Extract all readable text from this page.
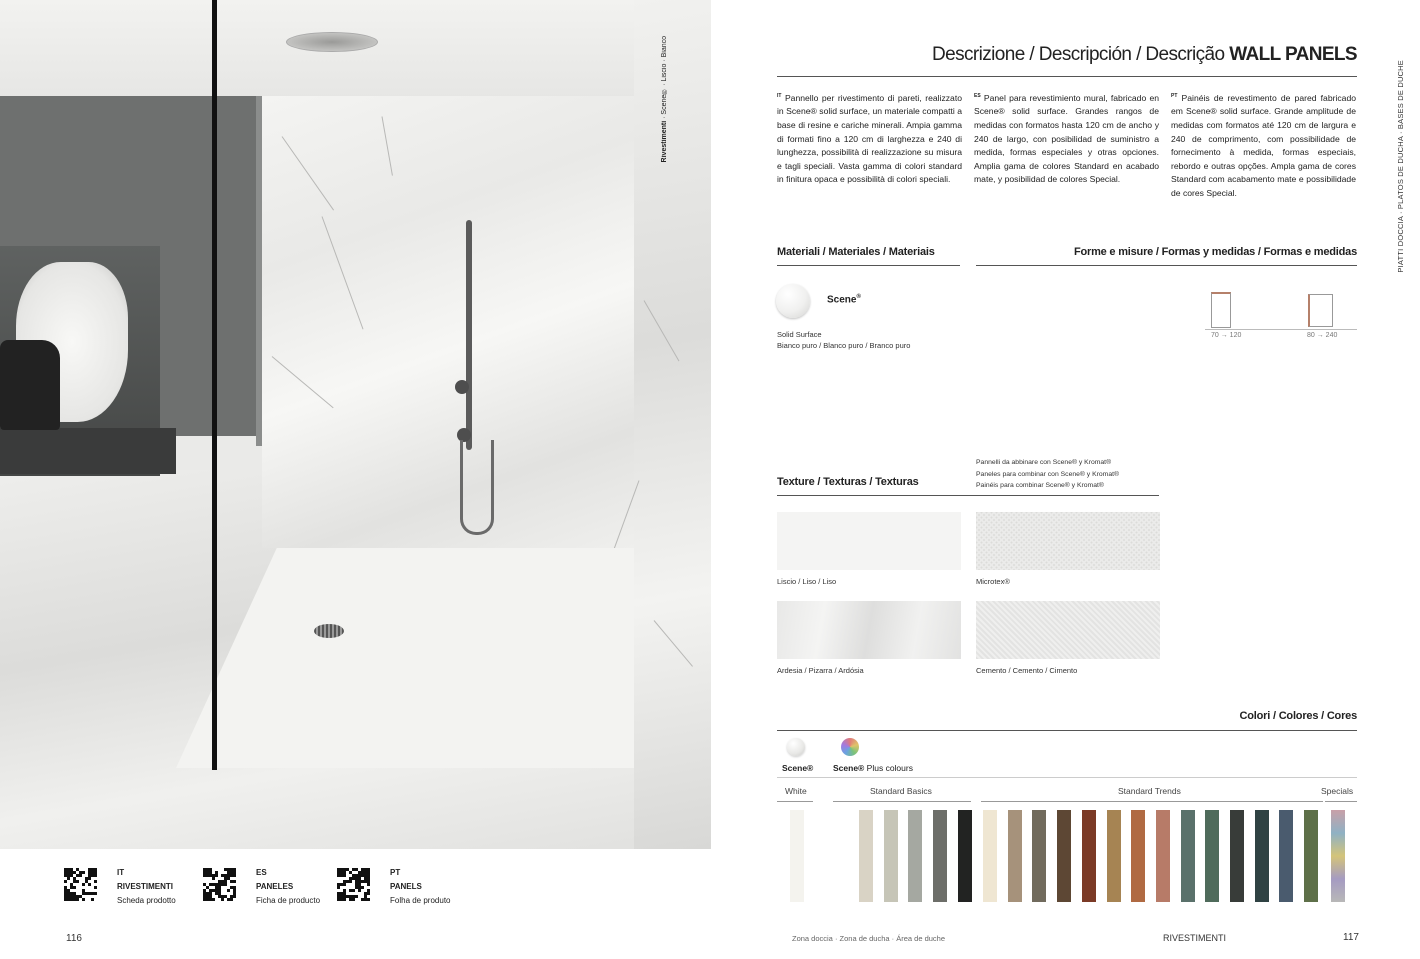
Rivestimenti · Scene® · Liscio · Bianco
IT
RIVESTIMENTI
Scheda prodotto
ES
PANELES
Ficha de producto
PT
PANELS
Folha de produto
116
Descrizione / Descripción / Descrição WALL PANELS
PIATTI DOCCIA · PLATOS DE DUCHA · BASES DE DUCHE
$^{IT}$ Pannello per rivestimento di pareti, realizzato in Scene® solid surface, un materiale compatti a base di resine e cariche minerali. Ampia gamma di formati fino a 120 cm di larghezza e 240 di lunghezza, possibilità di realizzazione su misura e tagli speciali. Vasta gamma di colori standard in finitura opaca e possibilità di colori speciali.
$^{ES}$ Panel para revestimiento mural, fabricado en Scene® solid surface. Grandes rangos de medidas con formatos hasta 120 cm de ancho y 240 de largo, con posibilidad de suministro a medida, formas especiales y otras opciones. Amplia gama de colores Standard en acabado mate, y posibilidad de colores Special.
$^{PT}$ Painéis de revestimento de pared fabricado em Scene® solid surface. Grande amplitude de medidas com formatos até 120 cm de largura e 240 de comprimento, com possibilidade de fornecimento à medida, formas especiais, rebordo e outras opções. Ampla gama de cores Standard com acabamento mate e possibilidade de cores Special.
Materiali / Materiales / Materiais
Scene®
Solid Surface
Bianco puro / Blanco puro / Branco puro
Forme e misure / Formas y medidas / Formas e medidas
70 → 120	80 → 240
Pannelli da abbinare con Scene® y Kromat®
Paneles para combinar con Scene® y Kromat®
Painéis para combinar Scene® y Kromat®
Texture / Texturas / Texturas
Liscio / Liso / Liso	Microtex®
Ardesia / Pizarra / Ardósia	Cemento / Cemento / Cimento
Colori / Colores / Cores
Scene® Scene® Plus colours
White	Standard Basics	Standard Trends	Specials
Zona doccia · Zona de ducha · Área de duche	RIVESTIMENTI	117
